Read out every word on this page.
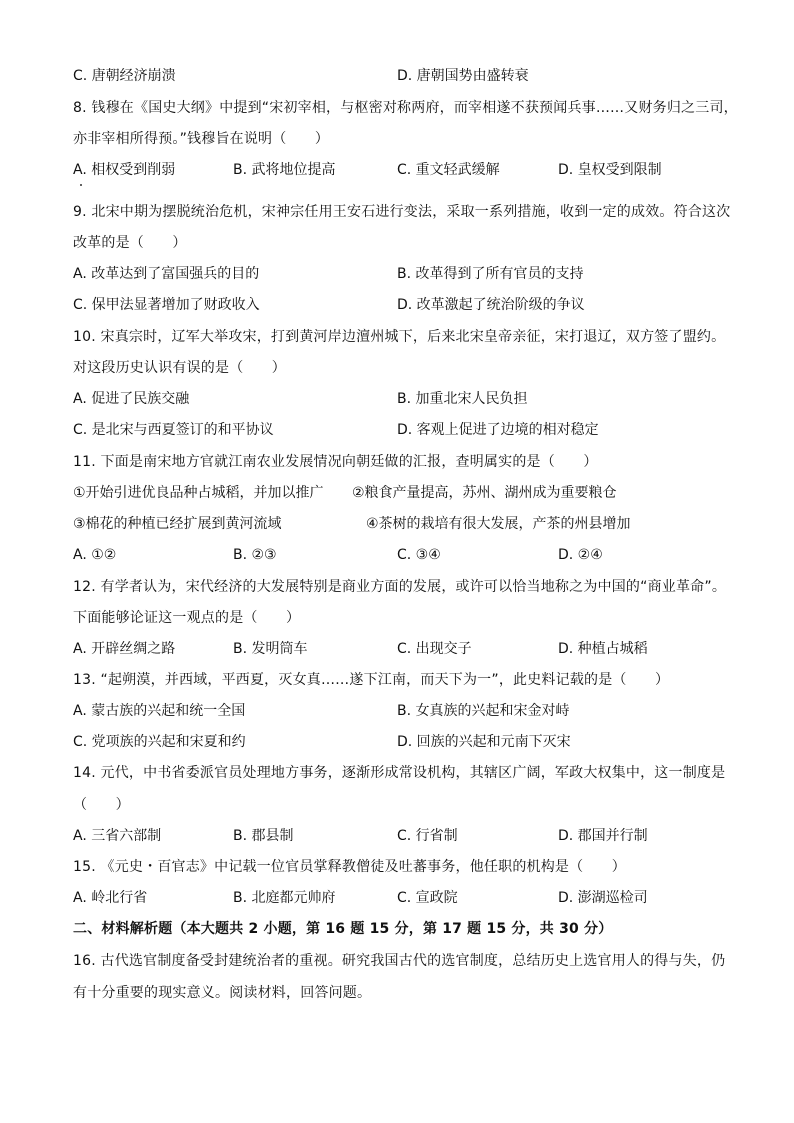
C. 唐朝经济崩溃	D. 唐朝国势由盛转衰
8. 钱穆在《国史大纲》中提到“宋初宰相，与枢密对称两府，而宰相遂不获预闻兵事……又财务归之三司，
亦非宰相所得预。”钱穆旨在说明（　　）
A. 相权受到削弱	B. 武将地位提高	C. 重文轻武缓解	D. 皇权受到限制
9. 北宋中期为摆脱统治危机，宋神宗任用王安石进行变法，采取一系列措施，收到一定的成效。符合这次
改革的是（　　）
A. 改革达到了富国强兵的目的	B. 改革得到了所有官员的支持
C. 保甲法显著增加了财政收入	D. 改革激起了统治阶级的争议
10. 宋真宗时，辽军大举攻宋，打到黄河岸边澶州城下，后来北宋皇帝亲征，宋打退辽，双方签了盟约。
对这段历史认识有误的是（　　）
A. 促进了民族交融	B. 加重北宋人民负担
C. 是北宋与西夏签订的和平协议	D. 客观上促进了边境的相对稳定
11. 下面是南宋地方官就江南农业发展情况向朝廷做的汇报，查明属实的是（　　）
①开始引进优良品种占城稻，并加以推广 ②粮食产量提高，苏州、湖州成为重要粮仓
③棉花的种植已经扩展到黄河流域	④茶树的栽培有很大发展，产茶的州县增加
A. ①②	B. ②③	C. ③④	D. ②④
12. 有学者认为，宋代经济的大发展特别是商业方面的发展，或许可以恰当地称之为中国的“商业革命”。
下面能够论证这一观点的是（　　）
A. 开辟丝绸之路	B. 发明筒车	C. 出现交子	D. 种植占城稻
13. “起朔漠，并西域，平西夏，灭女真……遂下江南，而天下为一”，此史料记载的是（　　）
A. 蒙古族的兴起和统一全国	B. 女真族的兴起和宋金对峙
C. 党项族的兴起和宋夏和约	D. 回族的兴起和元南下灭宋
14. 元代，中书省委派官员处理地方事务，逐渐形成常设机构，其辖区广阔，军政大权集中，这一制度是
（　　）
A. 三省六部制	B. 郡县制	C. 行省制	D. 郡国并行制
15. 《元史・百官志》中记载一位官员掌释教僧徒及吐蕃事务，他任职的机构是（　　）
A. 岭北行省	B. 北庭都元帅府	C. 宣政院	D. 澎湖巡检司
二、材料解析题（本大题共 2 小题，第 16 题 15 分，第 17 题 15 分，共 30 分）
16. 古代选官制度备受封建统治者的重视。研究我国古代的选官制度，总结历史上选官用人的得与失，仍
有十分重要的现实意义。阅读材料，回答问题。
